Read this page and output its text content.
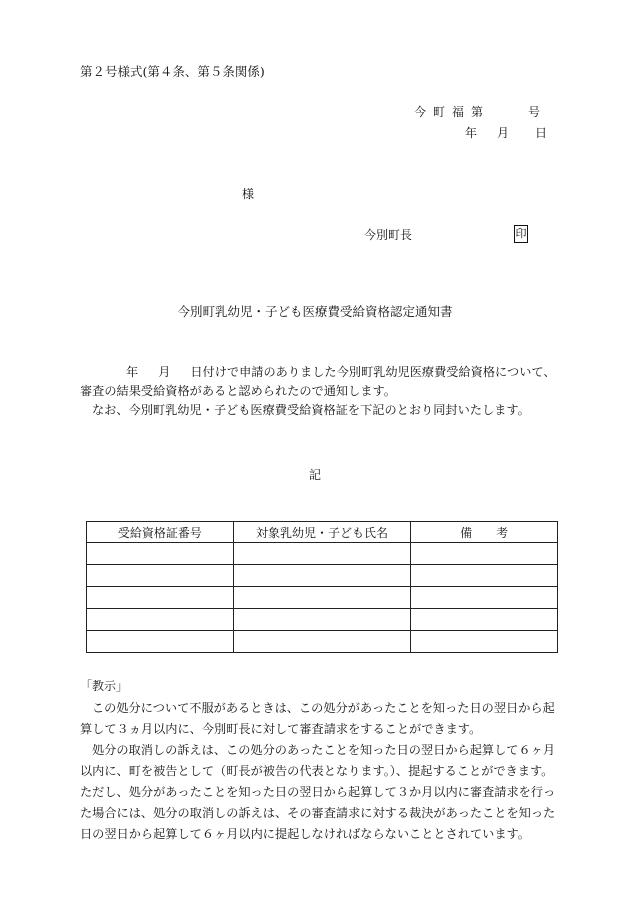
第２号様式(第４条、第５条関係)
今町福第	号
年 月 日
様
今別町長	印
今別町乳幼児・子ども医療費受給資格認定通知書
年 月 日付けで申請のありました今別町乳幼児医療費受給資格について、審査の結果受給資格があると認められたので通知します。
なお、今別町乳幼児・子ども医療費受給資格証を下記のとおり同封いたします。
記
受給資格証番号	対象乳幼児・子ども氏名	備　　考

「教示」
この処分について不服があるときは、この処分があったことを知った日の翌日から起算して３ヵ月以内に、今別町長に対して審査請求をすることができます。
処分の取消しの訴えは、この処分のあったことを知った日の翌日から起算して６ヶ月以内に、町を被告として（町長が被告の代表となります。）、提起することができます。ただし、処分があったことを知った日の翌日から起算して３か月以内に審査請求を行った場合には、処分の取消しの訴えは、その審査請求に対する裁決があったことを知った日の翌日から起算して６ヶ月以内に提起しなければならないこととされています。
